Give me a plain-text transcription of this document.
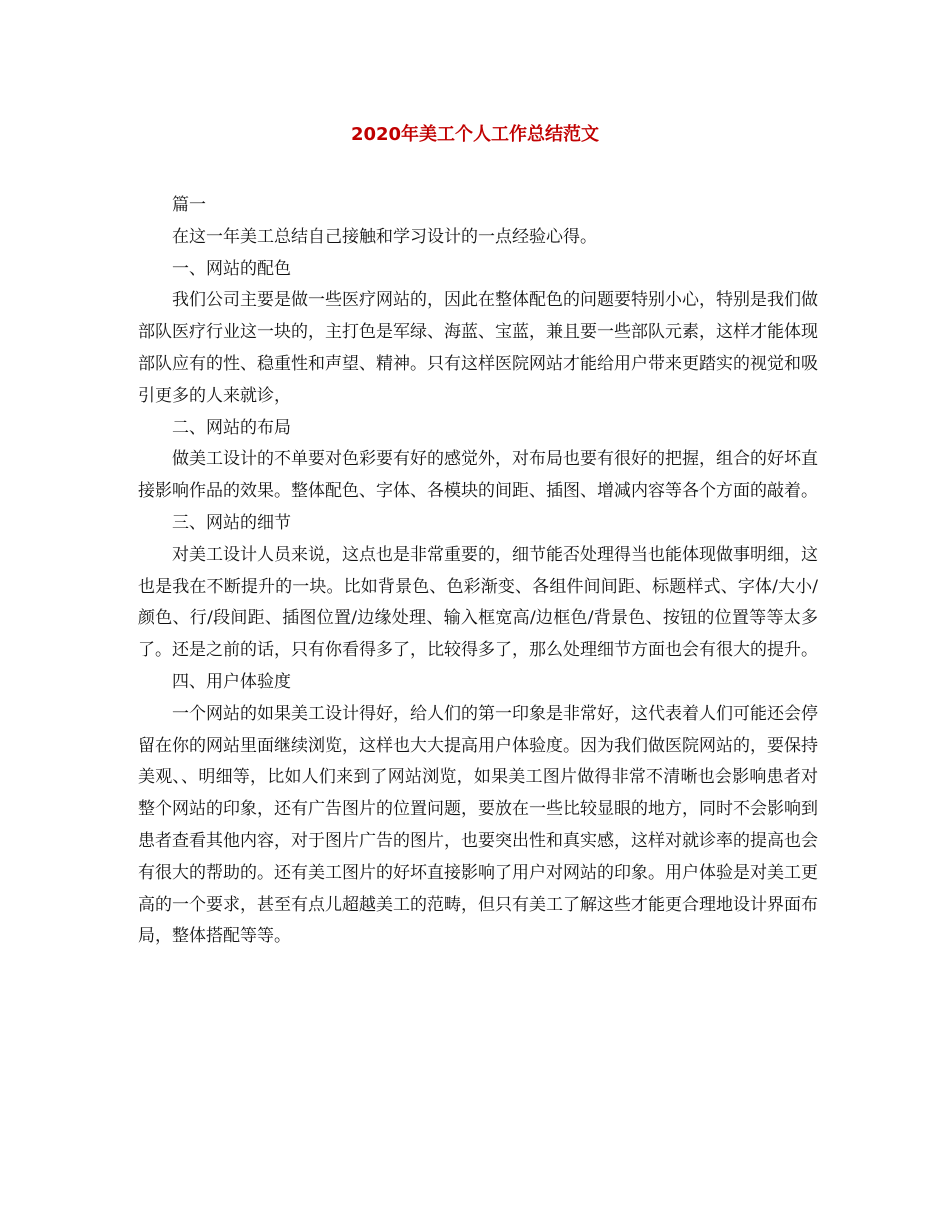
2020年美工个人工作总结范文

篇一

在这一年美工总结自己接触和学习设计的一点经验心得。

一、网站的配色

我们公司主要是做一些医疗网站的，因此在整体配色的问题要特别小心，特别是我们做部队医疗行业这一块的，主打色是军绿、海蓝、宝蓝，兼且要一些部队元素，这样才能体现部队应有的性、稳重性和声望、精神。只有这样医院网站才能给用户带来更踏实的视觉和吸引更多的人来就诊，

二、网站的布局

做美工设计的不单要对色彩要有好的感觉外，对布局也要有很好的把握，组合的好坏直接影响作品的效果。整体配色、字体、各模块的间距、插图、增减内容等各个方面的敲着。

三、网站的细节

对美工设计人员来说，这点也是非常重要的，细节能否处理得当也能体现做事明细，这也是我在不断提升的一块。比如背景色、色彩渐变、各组件间间距、标题样式、字体/大小/颜色、行/段间距、插图位置/边缘处理、输入框宽高/边框色/背景色、按钮的位置等等太多了。还是之前的话，只有你看得多了，比较得多了，那么处理细节方面也会有很大的提升。

四、用户体验度

一个网站的如果美工设计得好，给人们的第一印象是非常好，这代表着人们可能还会停留在你的网站里面继续浏览，这样也大大提高用户体验度。因为我们做医院网站的，要保持美观、、明细等，比如人们来到了网站浏览，如果美工图片做得非常不清晰也会影响患者对整个网站的印象，还有广告图片的位置问题，要放在一些比较显眼的地方，同时不会影响到患者查看其他内容，对于图片广告的图片，也要突出性和真实感，这样对就诊率的提高也会有很大的帮助的。还有美工图片的好坏直接影响了用户对网站的印象。用户体验是对美工更高的一个要求，甚至有点儿超越美工的范畴，但只有美工了解这些才能更合理地设计界面布局，整体搭配等等。
